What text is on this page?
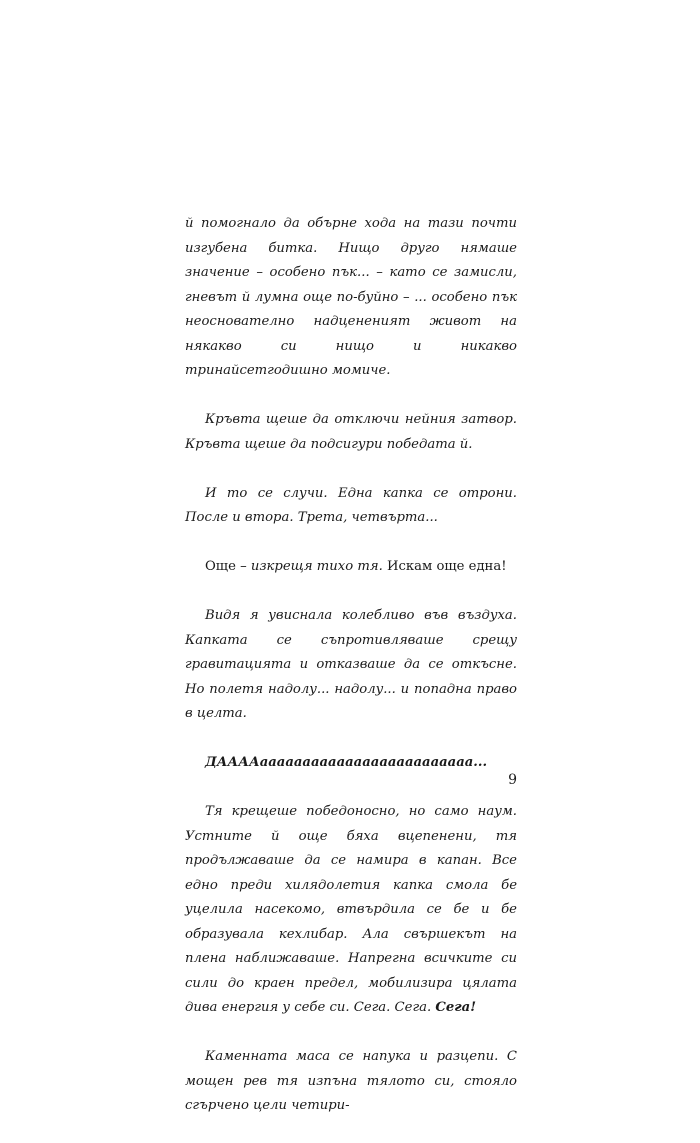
й помогнало да обърне хода на тази почти изгубена битка. Нищо друго нямаше значение – особено пък... – като се замисли, гневът й лумна още по-буйно – ... особено пък неоснователно надцененият живот на някакво си нищо и никакво тринайсетгодишно момиче.

Кръвта щеше да отключи нейния затвор. Кръвта щеше да подсигури победата й.

И то се случи. Една капка се отрони. После и втора. Трета, четвърта...

Още – изкрещя тихо тя. Искам още една!

Видя я увиснала колебливо във въздуха. Капката се съпротивляваше срещу гравитацията и отказваше да се откъсне. Но полетя надолу... надолу... и попадна право в целта.

ДААААааааааааааааааааааааааааа...

Тя крещеше победоносно, но само наум. Устните й още бяха вцепенени, тя продължаваше да се намира в капан. Все едно преди хилядолетия капка смола бе уцелила насекомо, втвърдила се бе и бе образувала кехлибар. Ала свършекът на плена наближаваше. Напрегна всичките си сили до краен предел, мобилизира цялата дива енергия у себе си. Сега. Сега. Сега!

Каменната маса се напука и разцепи. С мощен рев тя изпъна тялото си, стояло сгърчено цели четири-

9
